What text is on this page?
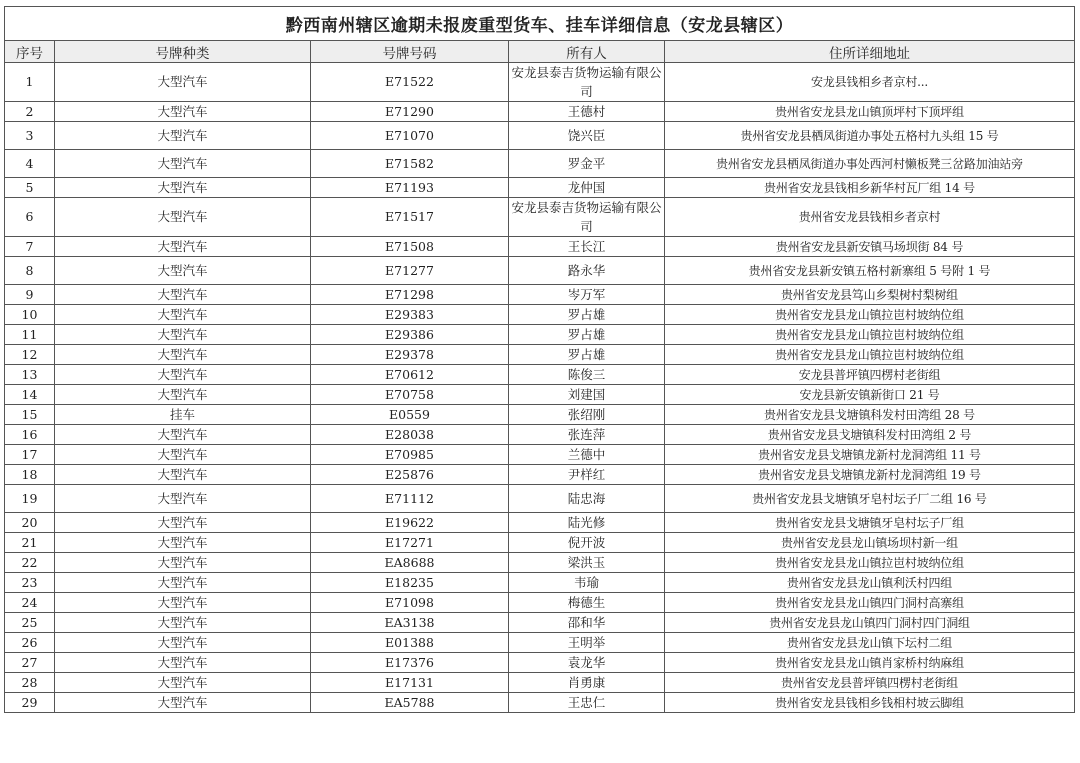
黔西南州辖区逾期未报废重型货车、挂车详细信息（安龙县辖区）				
序号	号牌种类	号牌号码	所有人	住所详细地址
1	大型汽车	E71522	安龙县泰吉货物运输有限公司	安龙县钱相乡者京村...
2	大型汽车	E71290	王德村	贵州省安龙县龙山镇顶坪村下顶坪组
3	大型汽车	E71070	饶兴臣	贵州省安龙县栖凤街道办事处五格村九头组 15 号
4	大型汽车	E71582	罗金平	贵州省安龙县栖凤街道办事处西河村懒板凳三岔路加油站旁
5	大型汽车	E71193	龙仲国	贵州省安龙县钱相乡新华村瓦厂组 14 号
6	大型汽车	E71517	安龙县泰吉货物运输有限公司	贵州省安龙县钱相乡者京村
7	大型汽车	E71508	王长江	贵州省安龙县新安镇马场坝街 84 号
8	大型汽车	E71277	路永华	贵州省安龙县新安镇五格村新寨组 5 号附 1 号
9	大型汽车	E71298	岑万军	贵州省安龙县笃山乡梨树村梨树组
10	大型汽车	E29383	罗占雄	贵州省安龙县龙山镇拉岜村坡纳位组
11	大型汽车	E29386	罗占雄	贵州省安龙县龙山镇拉岜村坡纳位组
12	大型汽车	E29378	罗占雄	贵州省安龙县龙山镇拉岜村坡纳位组
13	大型汽车	E70612	陈俊三	安龙县普坪镇四楞村老街组
14	大型汽车	E70758	刘建国	安龙县新安镇新街口 21 号
15	挂车	E0559	张绍刚	贵州省安龙县戈塘镇科发村田湾组 28 号
16	大型汽车	E28038	张连萍	贵州省安龙县戈塘镇科发村田湾组 2 号
17	大型汽车	E70985	兰德中	贵州省安龙县戈塘镇龙新村龙洞湾组 11 号
18	大型汽车	E25876	尹样红	贵州省安龙县戈塘镇龙新村龙洞湾组 19 号
19	大型汽车	E71112	陆忠海	贵州省安龙县戈塘镇牙皂村坛子厂二组 16 号
20	大型汽车	E19622	陆光修	贵州省安龙县戈塘镇牙皂村坛子厂组
21	大型汽车	E17271	倪开波	贵州省安龙县龙山镇场坝村新一组
22	大型汽车	EA8688	梁洪玉	贵州省安龙县龙山镇拉岜村坡纳位组
23	大型汽车	E18235	韦瑜	贵州省安龙县龙山镇利沃村四组
24	大型汽车	E71098	梅德生	贵州省安龙县龙山镇四门洞村高寨组
25	大型汽车	EA3138	邵和华	贵州省安龙县龙山镇四门洞村四门洞组
26	大型汽车	E01388	王明举	贵州省安龙县龙山镇下坛村二组
27	大型汽车	E17376	袁龙华	贵州省安龙县龙山镇肖家桥村纳麻组
28	大型汽车	E17131	肖勇康	贵州省安龙县普坪镇四楞村老街组
29	大型汽车	EA5788	王忠仁	贵州省安龙县钱相乡钱相村坡云脚组
